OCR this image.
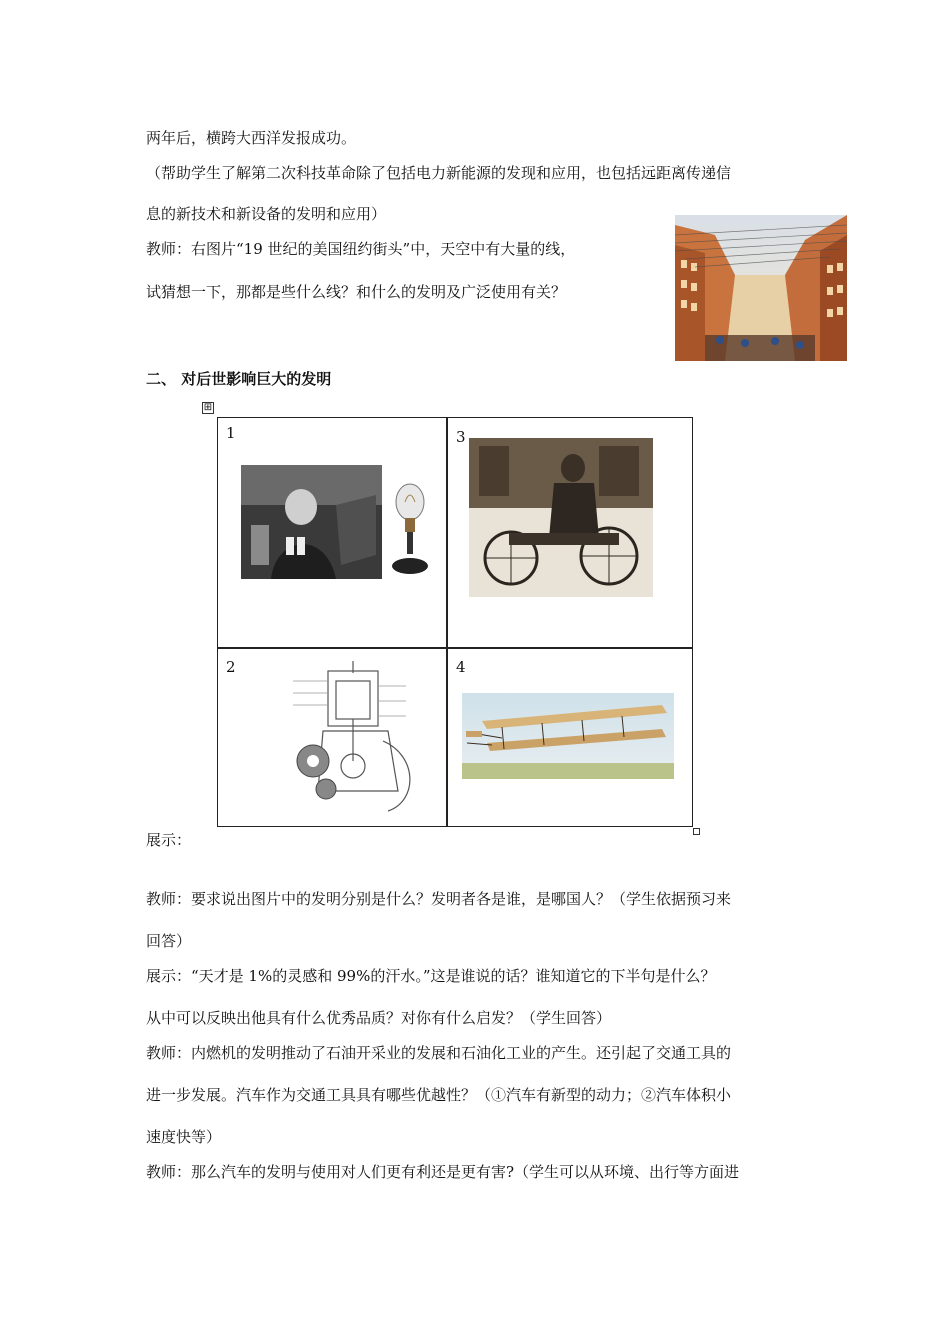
两年后，横跨大西洋发报成功。
（帮助学生了解第二次科技革命除了包括电力新能源的发现和应用，也包括远距离传递信
息的新技术和新设备的发明和应用）
教师：右图片“19 世纪的美国纽约街头”中，天空中有大量的线，
试猜想一下，那都是些什么线？和什么的发明及广泛使用有关？
二、 对后世影响巨大的发明
⊞
1	3
2	4
展示：
教师：要求说出图片中的发明分别是什么？发明者各是谁，是哪国人？（学生依据预习来
回答）
展示：“天才是 1%的灵感和 99%的汗水。”这是谁说的话？谁知道它的下半句是什么？
从中可以反映出他具有什么优秀品质？对你有什么启发？（学生回答）
教师：内燃机的发明推动了石油开采业的发展和石油化工业的产生。还引起了交通工具的
进一步发展。汽车作为交通工具具有哪些优越性？（①汽车有新型的动力；②汽车体积小
速度快等）
教师：那么汽车的发明与使用对人们更有利还是更有害?（学生可以从环境、出行等方面进
